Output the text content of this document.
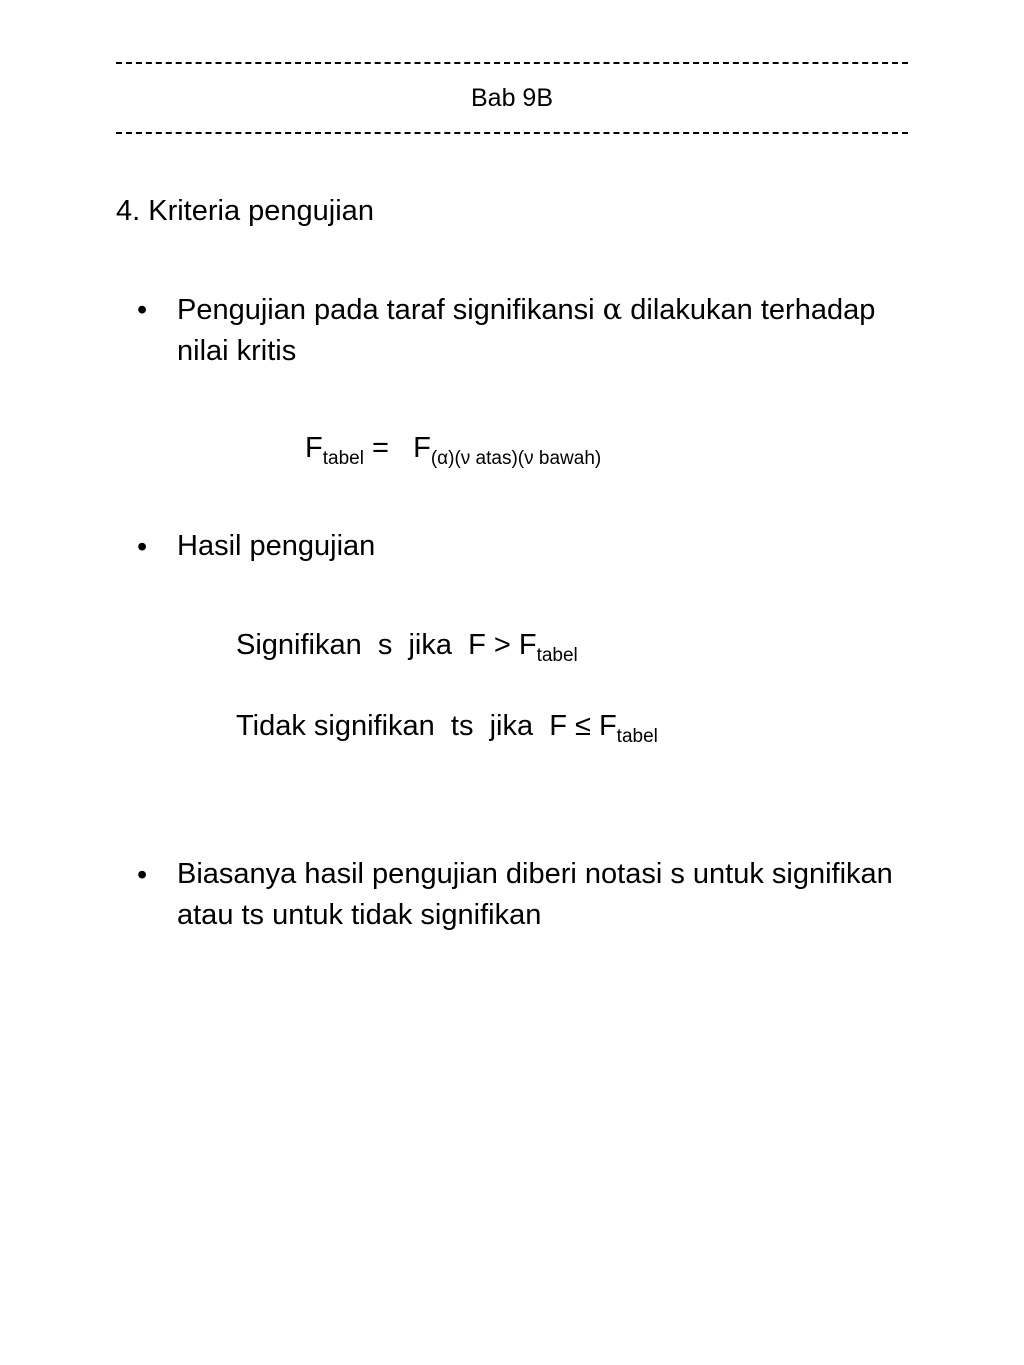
Bab 9B
4. Kriteria pengujian
• Pengujian pada taraf signifikansi α dilakukan terhadap nilai kritis
$F_{tabel} = F_{(\alpha)(\nu atas)(\nu bawah)}$
• Hasil pengujian
Signifikan  s  jika  $F > F_{tabel}$
Tidak signifikan  ts  jika  $F \le F_{tabel}$
• Biasanya hasil pengujian diberi notasi s untuk signifikan atau ts untuk tidak signifikan
